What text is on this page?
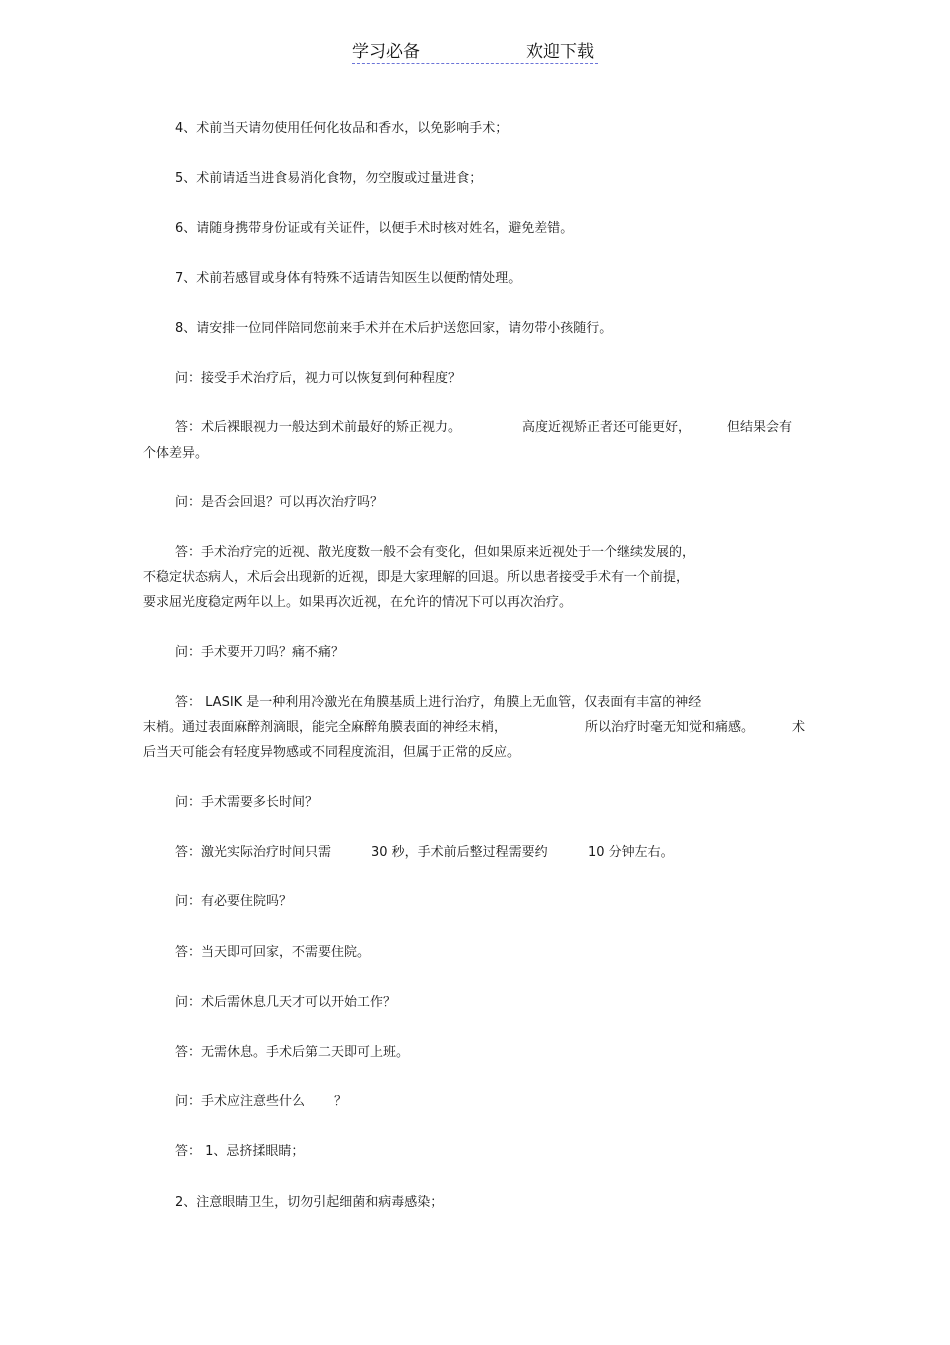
学习必备	欢迎下载
4、术前当天请勿使用任何化妆品和香水，以免影响手术；
5、术前请适当进食易消化食物，勿空腹或过量进食；
6、请随身携带身份证或有关证件，以便手术时核对姓名，避免差错。
7、术前若感冒或身体有特殊不适请告知医生以便酌情处理。
8、请安排一位同伴陪同您前来手术并在术后护送您回家，请勿带小孩随行。
问：接受手术治疗后，视力可以恢复到何种程度？
答：术后裸眼视力一般达到术前最好的矫正视力。	高度近视矫正者还可能更好，	但结果会有
个体差异。
问：是否会回退？可以再次治疗吗？
答：手术治疗完的近视、散光度数一般不会有变化，但如果原来近视处于一个继续发展的，
不稳定状态病人，术后会出现新的近视，即是大家理解的回退。所以患者接受手术有一个前提，
要求屈光度稳定两年以上。如果再次近视，在允许的情况下可以再次治疗。
问：手术要开刀吗？痛不痛？
答： LASIK 是一种利用冷激光在角膜基质上进行治疗，角膜上无血管，仅表面有丰富的神经
末梢。通过表面麻醉剂滴眼，能完全麻醉角膜表面的神经末梢，	所以治疗时毫无知觉和痛感。	术
后当天可能会有轻度异物感或不同程度流泪，但属于正常的反应。
问：手术需要多长时间？
答：激光实际治疗时间只需	30 秒，手术前后整过程需要约	10 分钟左右。
问：有必要住院吗？
答：当天即可回家，不需要住院。
问：术后需休息几天才可以开始工作？
答：无需休息。手术后第二天即可上班。
问：手术应注意些什么 ？
答： 1、忌挤揉眼睛；
2、注意眼睛卫生，切勿引起细菌和病毒感染；
